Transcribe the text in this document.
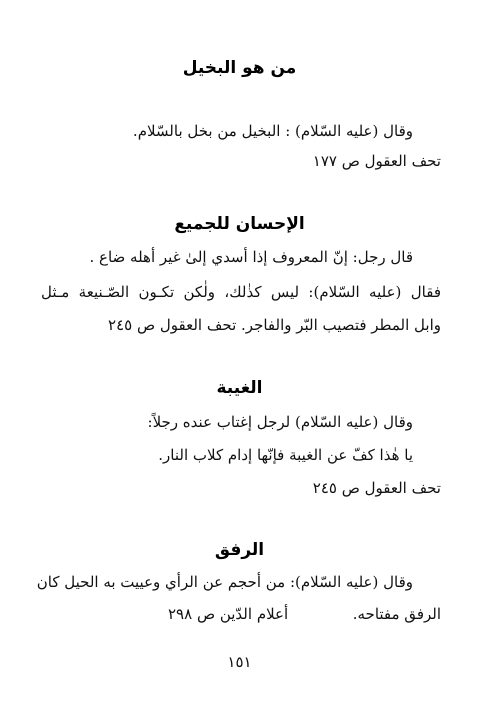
من هو البخيل
وقال (عليه السّلام) : البخيل من بخل بالسّلام.
تحف العقول ص ١٧٧
الإحسان للجميع
قال رجل: إنّ المعروف إذا أسدي إلىٰ غير أهله ضاع .
فقال (عليه السّلام): ليس كذٰلك، ولٰكن تكـون الصّـنيعة مـثل
وابل المطر فتصيب البّر والفاجر. تحف العقول ص ٢٤٥
الغيبة
وقال (عليه السّلام) لرجل إغتاب عنده رجلاً:
يا هٰذا كفّ عن الغيبة فإنّها إدام كلاب النار.
تحف العقول ص ٢٤٥
الرفق
وقال (عليه السّلام): من أحجم عن الرأي وعييت به الحيل كان
الرفق مفتاحه.
أعلام الدّين ص ٢٩٨
١٥١
